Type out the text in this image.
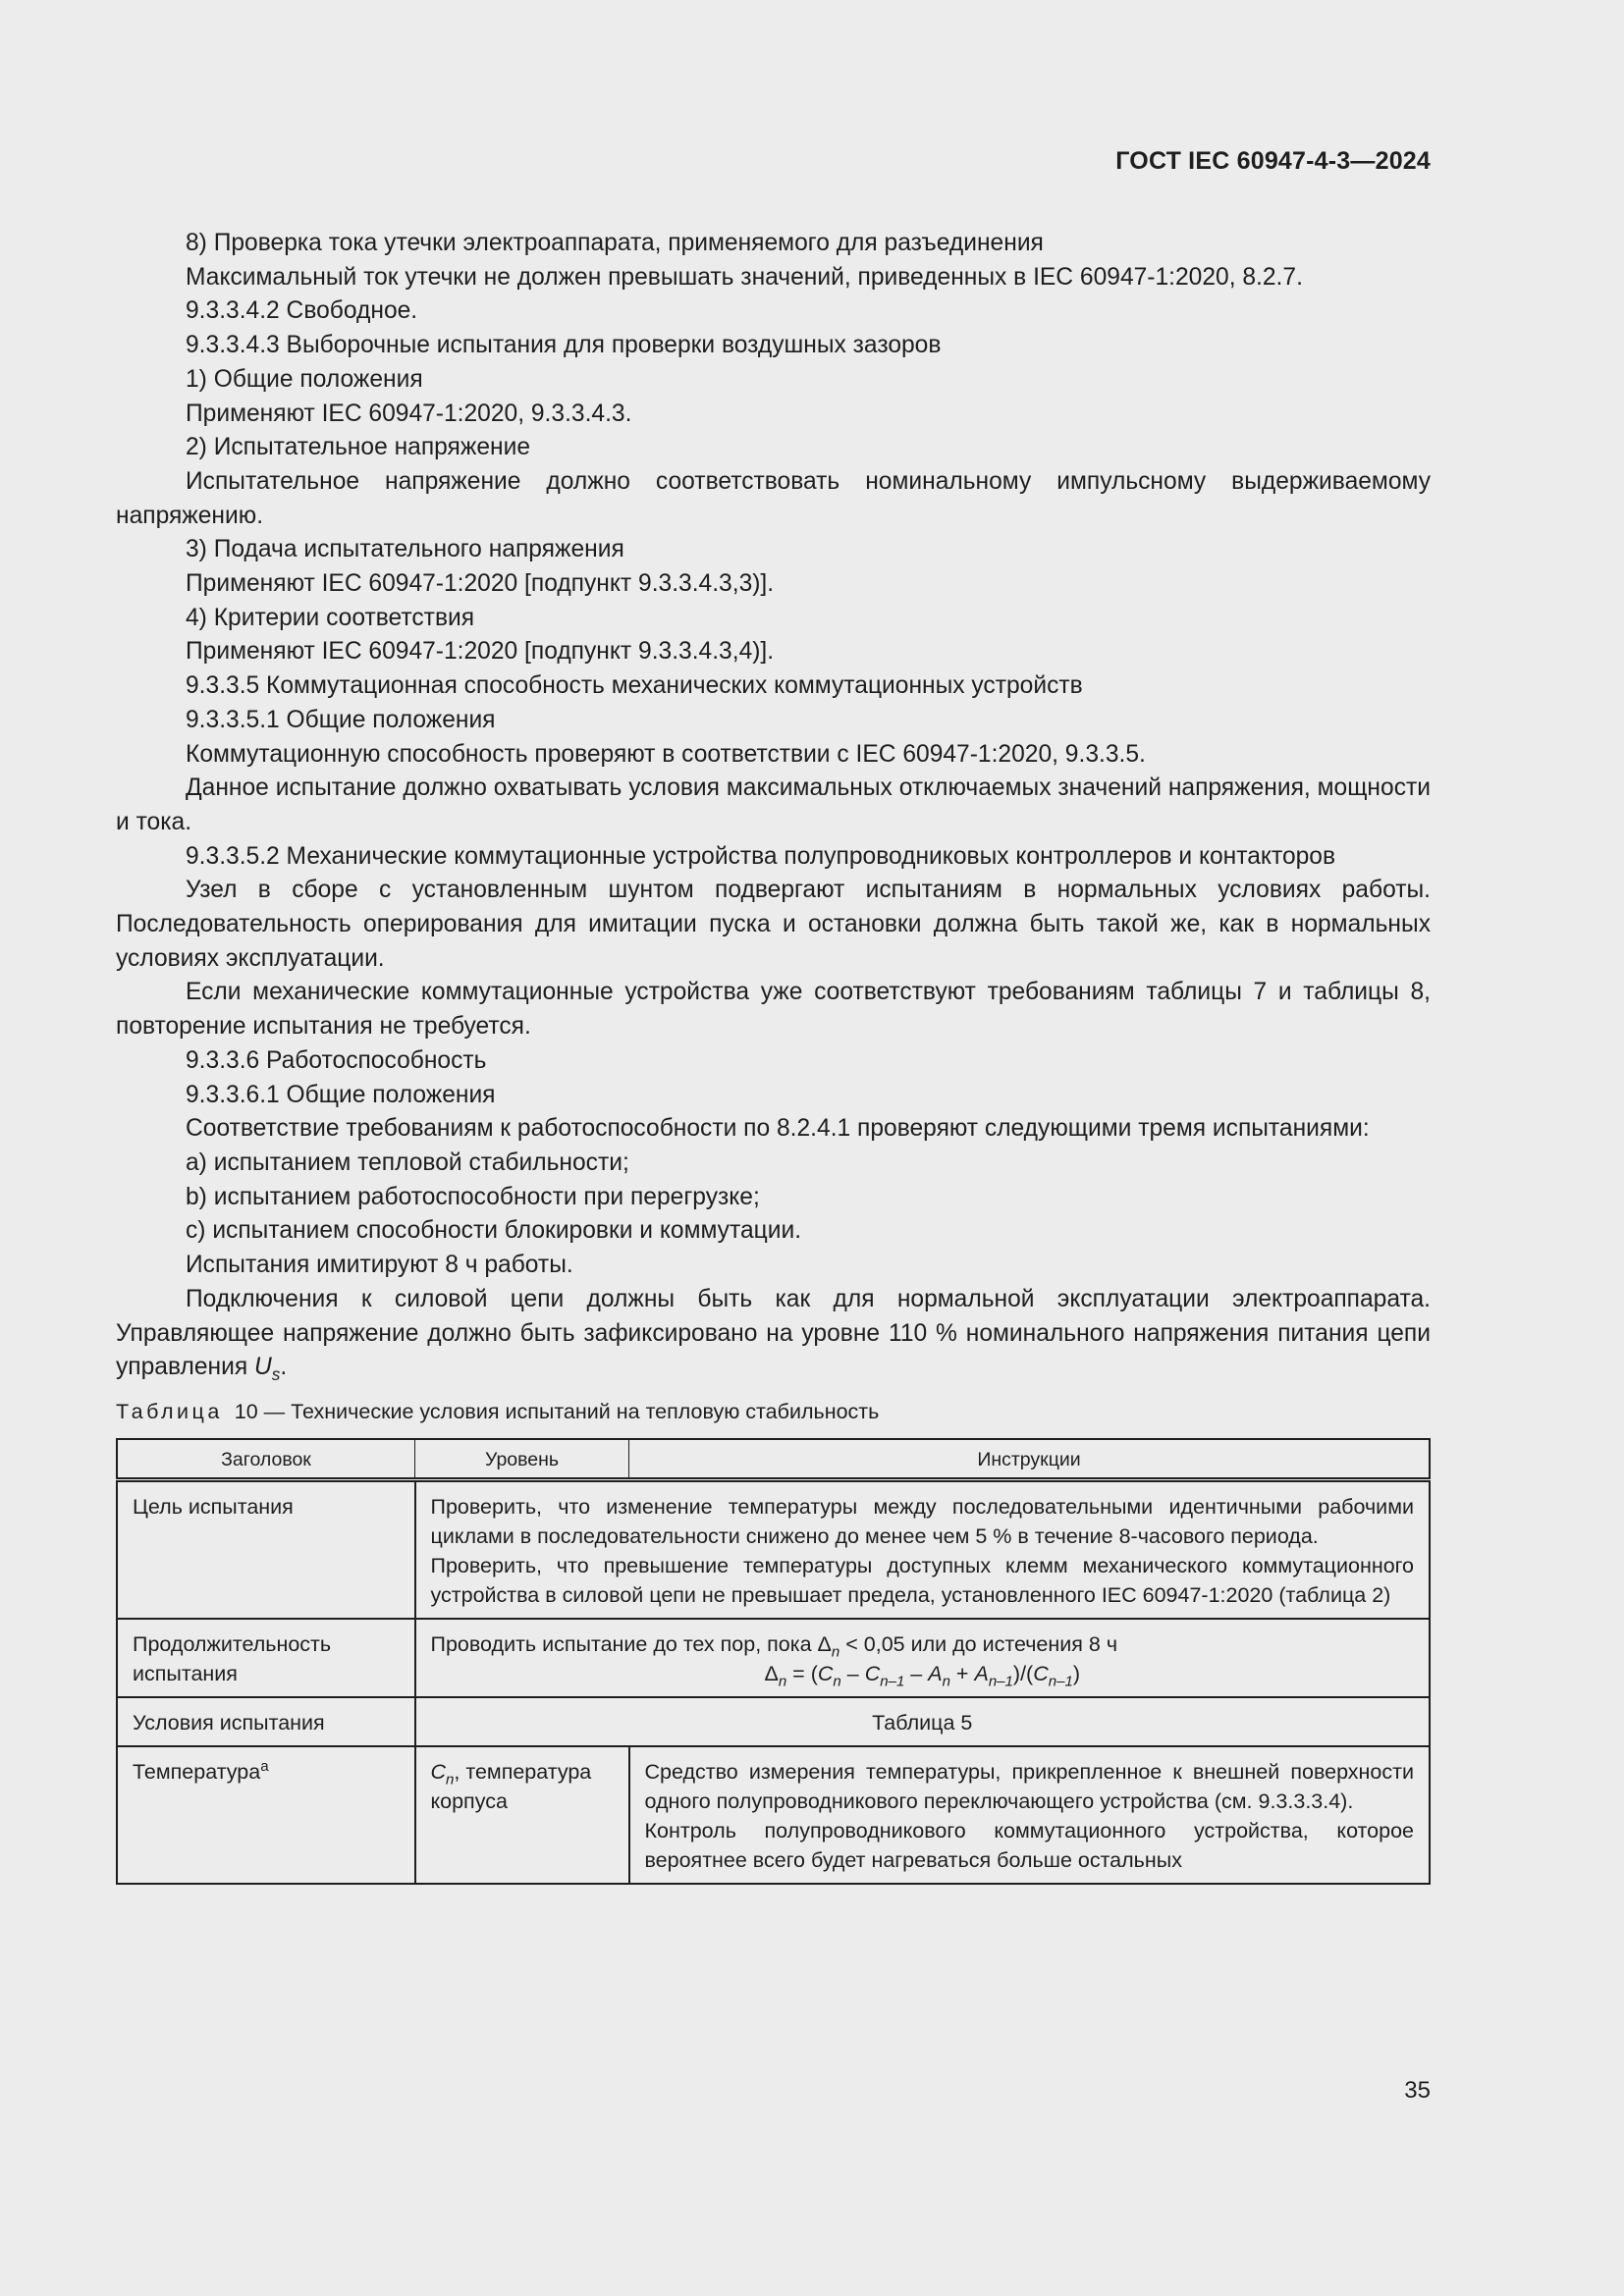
ГОСТ IEC 60947-4-3—2024

8) Проверка тока утечки электроаппарата, применяемого для разъединения

Максимальный ток утечки не должен превышать значений, приведенных в IEC 60947-1:2020, 8.2.7.

9.3.3.4.2 Свободное.

9.3.3.4.3 Выборочные испытания для проверки воздушных зазоров

1) Общие положения

Применяют IEC 60947-1:2020, 9.3.3.4.3.

2) Испытательное напряжение

Испытательное напряжение должно соответствовать номинальному импульсному выдерживаемому напряжению.

3) Подача испытательного напряжения

Применяют IEC 60947-1:2020 [подпункт 9.3.3.4.3,3)].

4) Критерии соответствия

Применяют IEC 60947-1:2020 [подпункт 9.3.3.4.3,4)].

9.3.3.5 Коммутационная способность механических коммутационных устройств

9.3.3.5.1 Общие положения

Коммутационную способность проверяют в соответствии с IEC 60947-1:2020, 9.3.3.5.

Данное испытание должно охватывать условия максимальных отключаемых значений напряжения, мощности и тока.

9.3.3.5.2 Механические коммутационные устройства полупроводниковых контроллеров и контакторов

Узел в сборе с установленным шунтом подвергают испытаниям в нормальных условиях работы. Последовательность оперирования для имитации пуска и остановки должна быть такой же, как в нормальных условиях эксплуатации.

Если механические коммутационные устройства уже соответствуют требованиям таблицы 7 и таблицы 8, повторение испытания не требуется.

9.3.3.6 Работоспособность

9.3.3.6.1 Общие положения

Соответствие требованиям к работоспособности по 8.2.4.1 проверяют следующими тремя испытаниями:

a) испытанием тепловой стабильности;

b) испытанием работоспособности при перегрузке;

c) испытанием способности блокировки и коммутации.

Испытания имитируют 8 ч работы.

Подключения к силовой цепи должны быть как для нормальной эксплуатации электроаппарата. Управляющее напряжение должно быть зафиксировано на уровне 110 % номинального напряжения питания цепи управления $U_s$.

Таблица 10 — Технические условия испытаний на тепловую стабильность
Заголовок	Уровень	Инструкции
Цель испытания	Проверить, что изменение температуры между последовательными идентичными рабочими циклами в последовательности снижено до менее чем 5 % в течение 8-часового периода.
Проверить, что превышение температуры доступных клемм механического коммутационного устройства в силовой цепи не превышает предела, установленного IEC 60947-1:2020 (таблица 2)	

Продолжительность испытания	Проводить испытание до тех пор, пока $\Delta_n < 0,05$ или до истечения 8 ч
$\Delta_n = (C_n - C_{n-1} - A_n + A_{n-1})/(C_{n-1})$	

Условия испытания	Таблица 5	
Температура$^a$	$C_n$, температура корпуса	Средство измерения температуры, прикрепленное к внешней поверхности одного полупроводникового переключающего устройства (см. 9.3.3.3.4).
Контроль полупроводникового коммутационного устройства, которое вероятнее всего будет нагреваться больше остальных
35
